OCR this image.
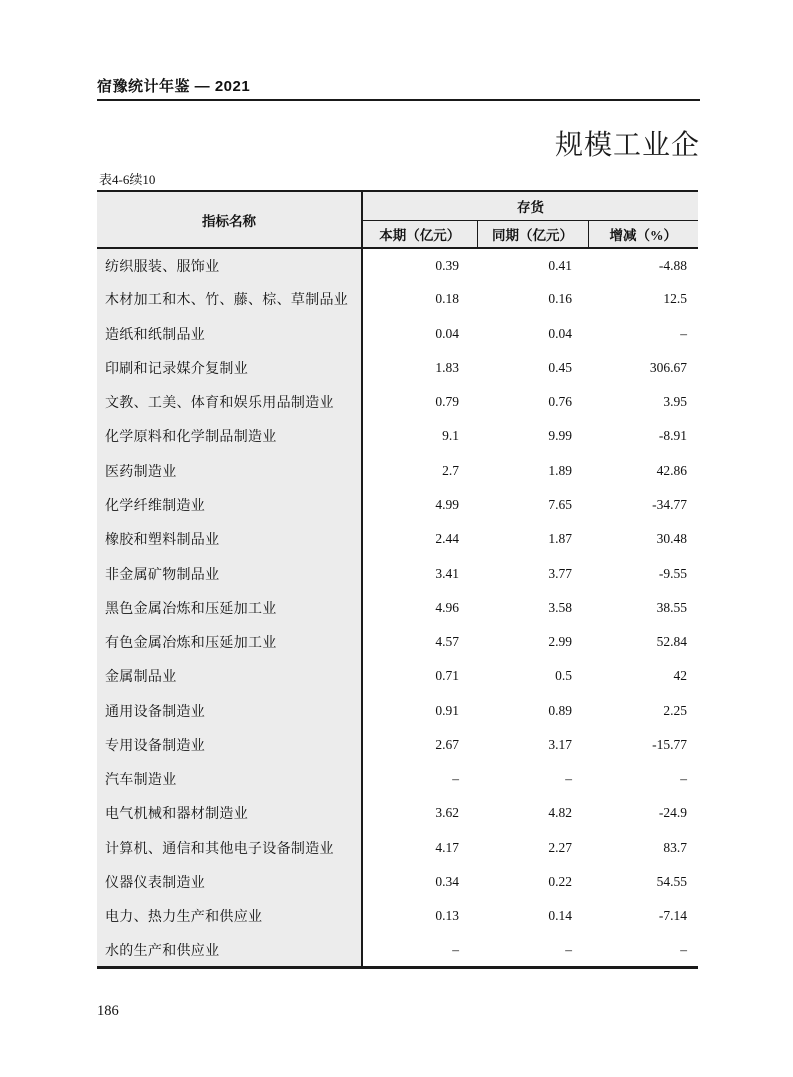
宿豫统计年鉴 — 2021
规模工业企
表4-6续10
指标名称	存货		
	本期（亿元）	同期（亿元）	增减（%）
纺织服装、服饰业	0.39	0.41	-4.88
木材加工和木、竹、藤、棕、草制品业	0.18	0.16	12.5
造纸和纸制品业	0.04	0.04	–
印刷和记录媒介复制业	1.83	0.45	306.67
文教、工美、体育和娱乐用品制造业	0.79	0.76	3.95
化学原料和化学制品制造业	9.1	9.99	-8.91
医药制造业	2.7	1.89	42.86
化学纤维制造业	4.99	7.65	-34.77
橡胶和塑料制品业	2.44	1.87	30.48
非金属矿物制品业	3.41	3.77	-9.55
黑色金属冶炼和压延加工业	4.96	3.58	38.55
有色金属冶炼和压延加工业	4.57	2.99	52.84
金属制品业	0.71	0.5	42
通用设备制造业	0.91	0.89	2.25
专用设备制造业	2.67	3.17	-15.77
汽车制造业	–	–	–
电气机械和器材制造业	3.62	4.82	-24.9
计算机、通信和其他电子设备制造业	4.17	2.27	83.7
仪器仪表制造业	0.34	0.22	54.55
电力、热力生产和供应业	0.13	0.14	-7.14
水的生产和供应业	–	–	–
186
